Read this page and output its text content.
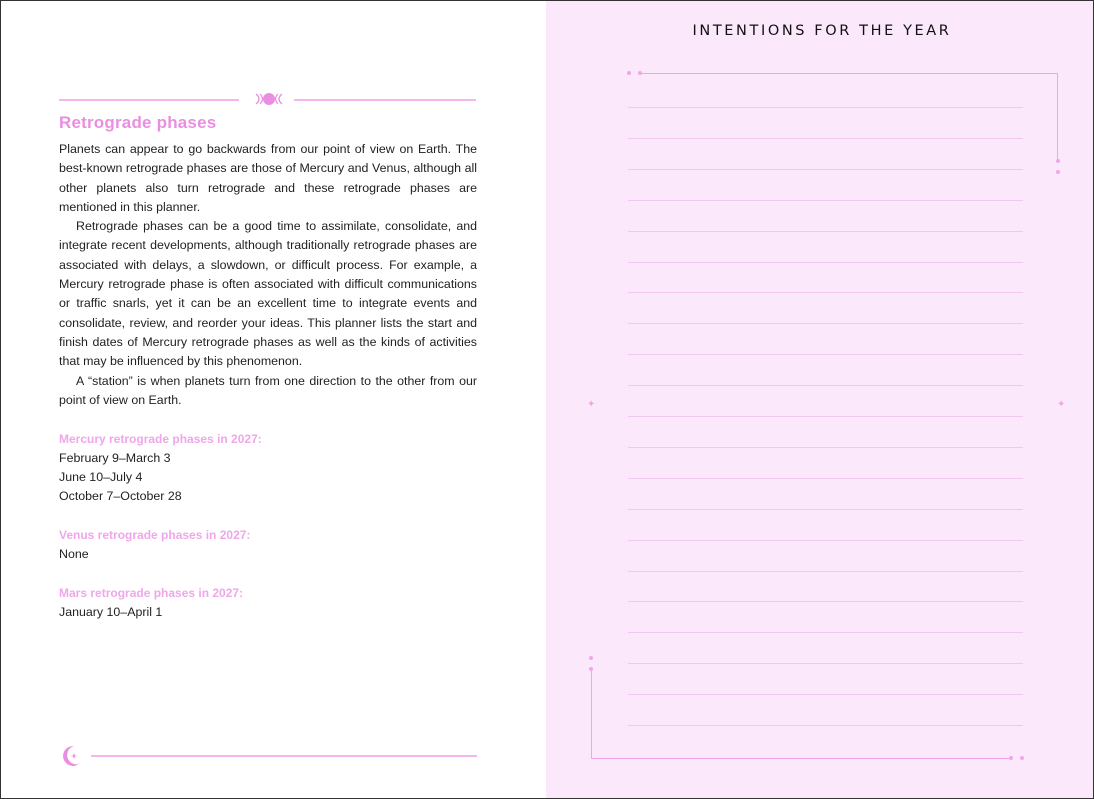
Retrograde phases

Planets can appear to go backwards from our point of view on Earth. The best-known retrograde phases are those of Mercury and Venus, although all other planets also turn retrograde and these retrograde phases are mentioned in this planner.

Retrograde phases can be a good time to assimilate, consolidate, and integrate recent developments, although traditionally retrograde phases are associated with delays, a slowdown, or difficult process. For example, a Mercury retrograde phase is often associated with difficult communications or traffic snarls, yet it can be an excellent time to integrate events and consolidate, review, and reorder your ideas. This planner lists the start and finish dates of Mercury retrograde phases as well as the kinds of activities that may be influenced by this phenomenon.

A “station” is when planets turn from one direction to the other from our point of view on Earth.

Mercury retrograde phases in 2027:
February 9–March 3
June 10–July 4
October 7–October 28
Venus retrograde phases in 2027:
None
Mars retrograde phases in 2027:
January 10–April 1
INTENTIONS FOR THE YEAR
✦	✦
